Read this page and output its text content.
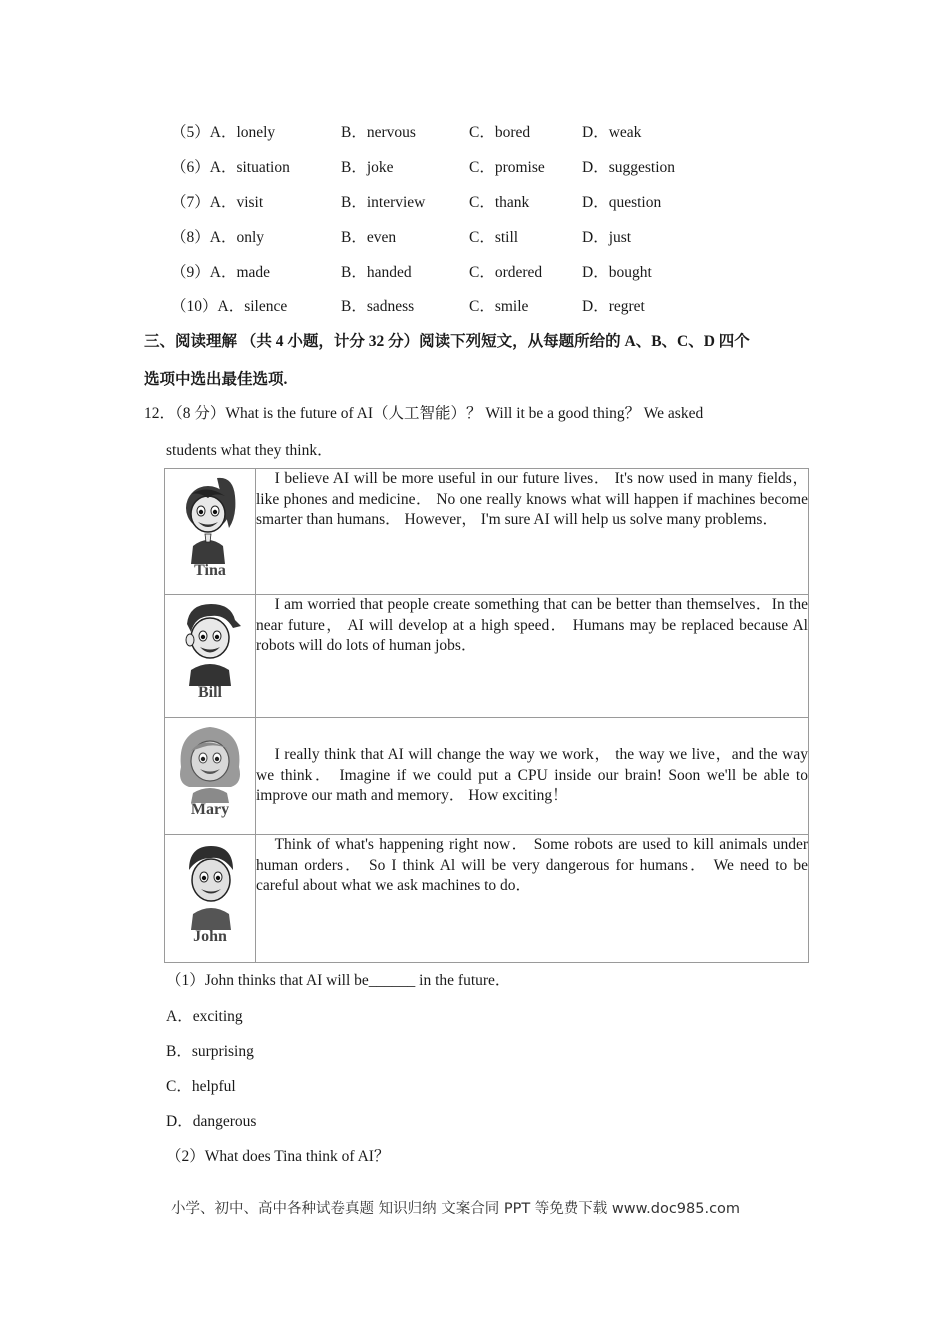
（5）A．lonely	B．nervous	C．bored	D．weak
（6）A．situation	B．joke	C．promise D．suggestion
（7）A．visit	B．interview	C．thank	D．question
（8）A．only	B．even	C．still	D．just
（9）A．made	B．handed	C．ordered	D．bought
（10）A．silence	B．sadness	C．smile	D．regret
三、阅读理解 （共 4 小题，计分 32 分）阅读下列短文，从每题所给的 A、B、C、D 四个
选项中选出最佳选项.
12．（8 分）What is the future of AI（人工智能）？ Will it be a good thing？ We asked
students what they think．
Tina	I believe AI will be more useful in our future lives． It's now used in many fields， like phones and medicine． No one really knows what will happen if machines become smarter than humans． However， I'm sure AI will help us solve many problems．

Bill	I am worried that people create something that can be better than themselves．In the near future， AI will develop at a high speed． Humans may be replaced because Al robots will do lots of human jobs．

Mary	I really think that AI will change the way we work， the way we live，and the way we think． Imagine if we could put a CPU inside our brain! Soon we'll be able to improve our math and memory． How exciting！

John	Think of what's happening right now． Some robots are used to kill animals under human orders． So I think Al will be very dangerous for humans． We need to be careful about what we ask machines to do．

（1）John thinks that AI will be______ in the future．
A．exciting
B．surprising
C．helpful
D．dangerous
（2）What does Tina think of AI？
小学、初中、高中各种试卷真题 知识归纳 文案合同 PPT 等免费下载 www.doc985.com
